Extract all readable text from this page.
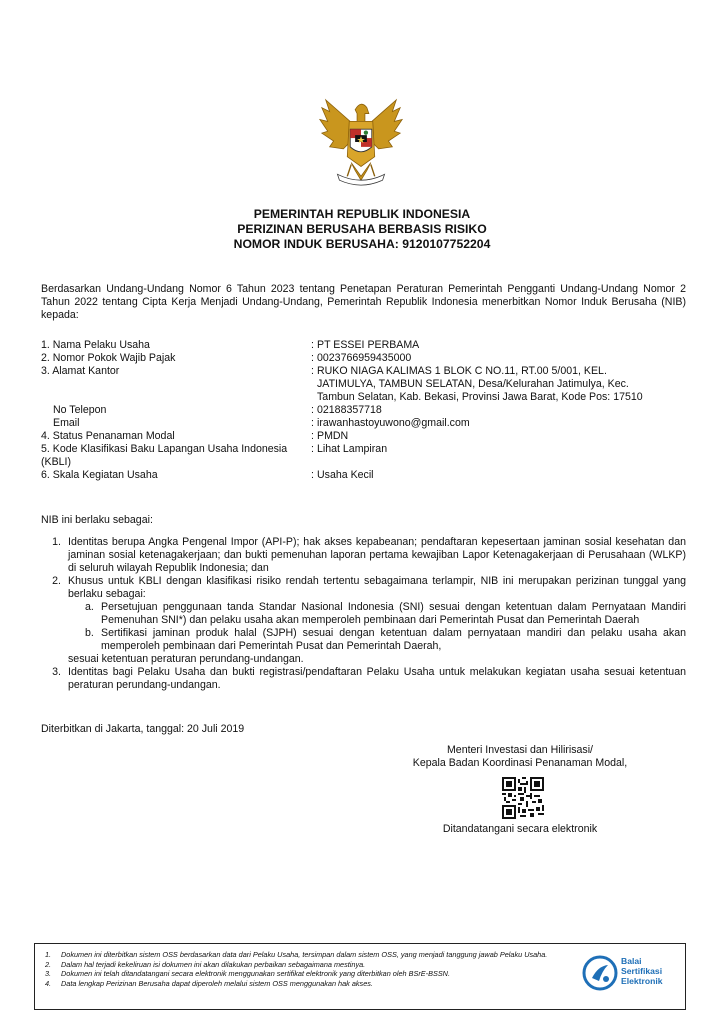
PEMERINTAH REPUBLIK INDONESIA
PERIZINAN BERUSAHA BERBASIS RISIKO
NOMOR INDUK BERUSAHA: 9120107752204
Berdasarkan Undang-Undang Nomor 6 Tahun 2023 tentang Penetapan Peraturan Pemerintah Pengganti Undang-Undang Nomor 2 Tahun 2022 tentang Cipta Kerja Menjadi Undang-Undang, Pemerintah Republik Indonesia menerbitkan Nomor Induk Berusaha (NIB) kepada:
1. Nama Pelaku Usaha	: PT ESSEI PERBAMA
2. Nomor Pokok Wajib Pajak	: 0023766959435000
3. Alamat Kantor	: RUKO NIAGA KALIMAS 1 BLOK C NO.11, RT.00 5/001, KEL. JATIMULYA, TAMBUN SELATAN, Desa/Kelurahan Jatimulya, Kec. Tambun Selatan, Kab. Bekasi, Provinsi Jawa Barat, Kode Pos: 17510
No Telepon	: 02188357718
Email	: irawanhastoyuwono@gmail.com
4. Status Penanaman Modal	: PMDN
5. Kode Klasifikasi Baku Lapangan Usaha Indonesia (KBLI)
: Lihat Lampiran
6. Skala Kegiatan Usaha	: Usaha Kecil
NIB ini berlaku sebagai:
1. Identitas berupa Angka Pengenal Impor (API-P); hak akses kepabeanan; pendaftaran kepesertaan jaminan sosial kesehatan dan jaminan sosial ketenagakerjaan; dan bukti pemenuhan laporan pertama kewajiban Lapor Ketenagakerjaan di Perusahaan (WLKP) di seluruh wilayah Republik Indonesia; dan
2. Khusus untuk KBLI dengan klasifikasi risiko rendah tertentu sebagaimana terlampir, NIB ini merupakan perizinan tunggal yang berlaku sebagai:
a. Persetujuan penggunaan tanda Standar Nasional Indonesia (SNI) sesuai dengan ketentuan dalam Pernyataan Mandiri Pemenuhan SNI*) dan pelaku usaha akan memperoleh pembinaan dari Pemerintah Pusat dan Pemerintah Daerah
b. Sertifikasi jaminan produk halal (SJPH) sesuai dengan ketentuan dalam pernyataan mandiri dan pelaku usaha akan memperoleh pembinaan dari Pemerintah Pusat dan Pemerintah Daerah,
sesuai ketentuan peraturan perundang-undangan.
3. Identitas bagi Pelaku Usaha dan bukti registrasi/pendaftaran Pelaku Usaha untuk melakukan kegiatan usaha sesuai ketentuan peraturan perundang-undangan.
Diterbitkan di Jakarta, tanggal: 20 Juli 2019
Menteri Investasi dan Hilirisasi/
Kepala Badan Koordinasi Penanaman Modal,
Ditandatangani secara elektronik
1.	Dokumen ini diterbitkan sistem OSS berdasarkan data dari Pelaku Usaha, tersimpan dalam sistem OSS, yang menjadi tanggung jawab Pelaku Usaha.
2.	Dalam hal terjadi kekeliruan isi dokumen ini akan dilakukan perbaikan sebagaimana mestinya.
3.	Dokumen ini telah ditandatangani secara elektronik menggunakan sertifikat elektronik yang diterbitkan oleh BSrE-BSSN.
4.	Data lengkap Perizinan Berusaha dapat diperoleh melalui sistem OSS menggunakan hak akses.
Balai
Sertifikasi
Elektronik
